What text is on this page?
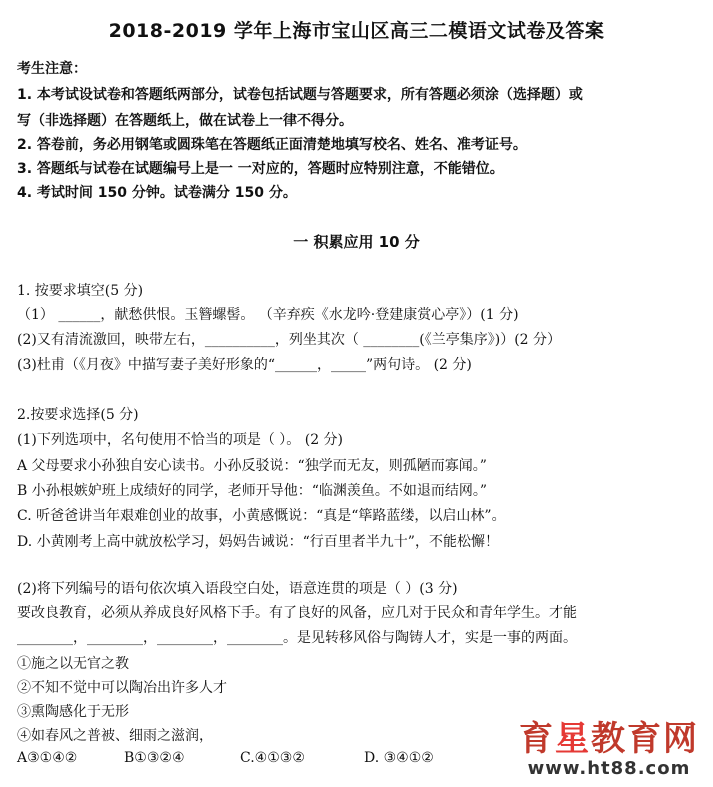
2018-2019 学年上海市宝山区高三二模语文试卷及答案
考生注意：
1. 本考试设试卷和答题纸两部分，试卷包括试题与答题要求，所有答题必须涂（选择题）或
写（非选择题）在答题纸上，做在试卷上一律不得分。
2. 答卷前，务必用钢笔或圆珠笔在答题纸正面清楚地填写校名、姓名、准考证号。
3. 答题纸与试卷在试题编号上是一 一对应的，答题时应特别注意，不能错位。
4. 考试时间 150 分钟。试卷满分 150 分。
一 积累应用 10 分
1. 按要求填空(5 分)
（1） ______，献愁供恨。玉簪螺髻。 （辛弃疾《水龙吟·登建康赏心亭》）(1 分)
(2)又有清流激回，映带左右，__________，列坐其次（ ________(《兰亭集序》)）(2 分）
(3)杜甫（《月夜》中描写妻子美好形象的“______，_____”两句诗。 (2 分)
2.按要求选择(5 分)
(1)下列选项中，名句使用不恰当的项是（ ）。 (2 分)
A 父母要求小孙独自安心读书。小孙反驳说：“独学而无友，则孤陋而寡闻。”
B 小孙根嫉妒班上成绩好的同学，老师开导他：“临渊羡鱼。不如退而结网。”
C. 听爸爸讲当年艰难创业的故事，小黄感慨说：“真是“筚路蓝缕，以启山林”。
D. 小黄刚考上高中就放松学习，妈妈告诫说：“行百里者半九十”，不能松懈！
(2)将下列编号的语句依次填入语段空白处，语意连贯的项是（ ）(3 分)
要改良教育，必须从养成良好风格下手。有了良好的风备，应几对于民众和青年学生。才能
________，________，________，________。是见转移风俗与陶铸人才，实是一事的两面。
①施之以无官之教
②不知不觉中可以陶冶出许多人才
③熏陶感化于无形
④如春风之普被、细雨之滋润，
A③①④②	B①③②④	C.④①③②	D. ③④①②	育星教育网
www.ht88.com
